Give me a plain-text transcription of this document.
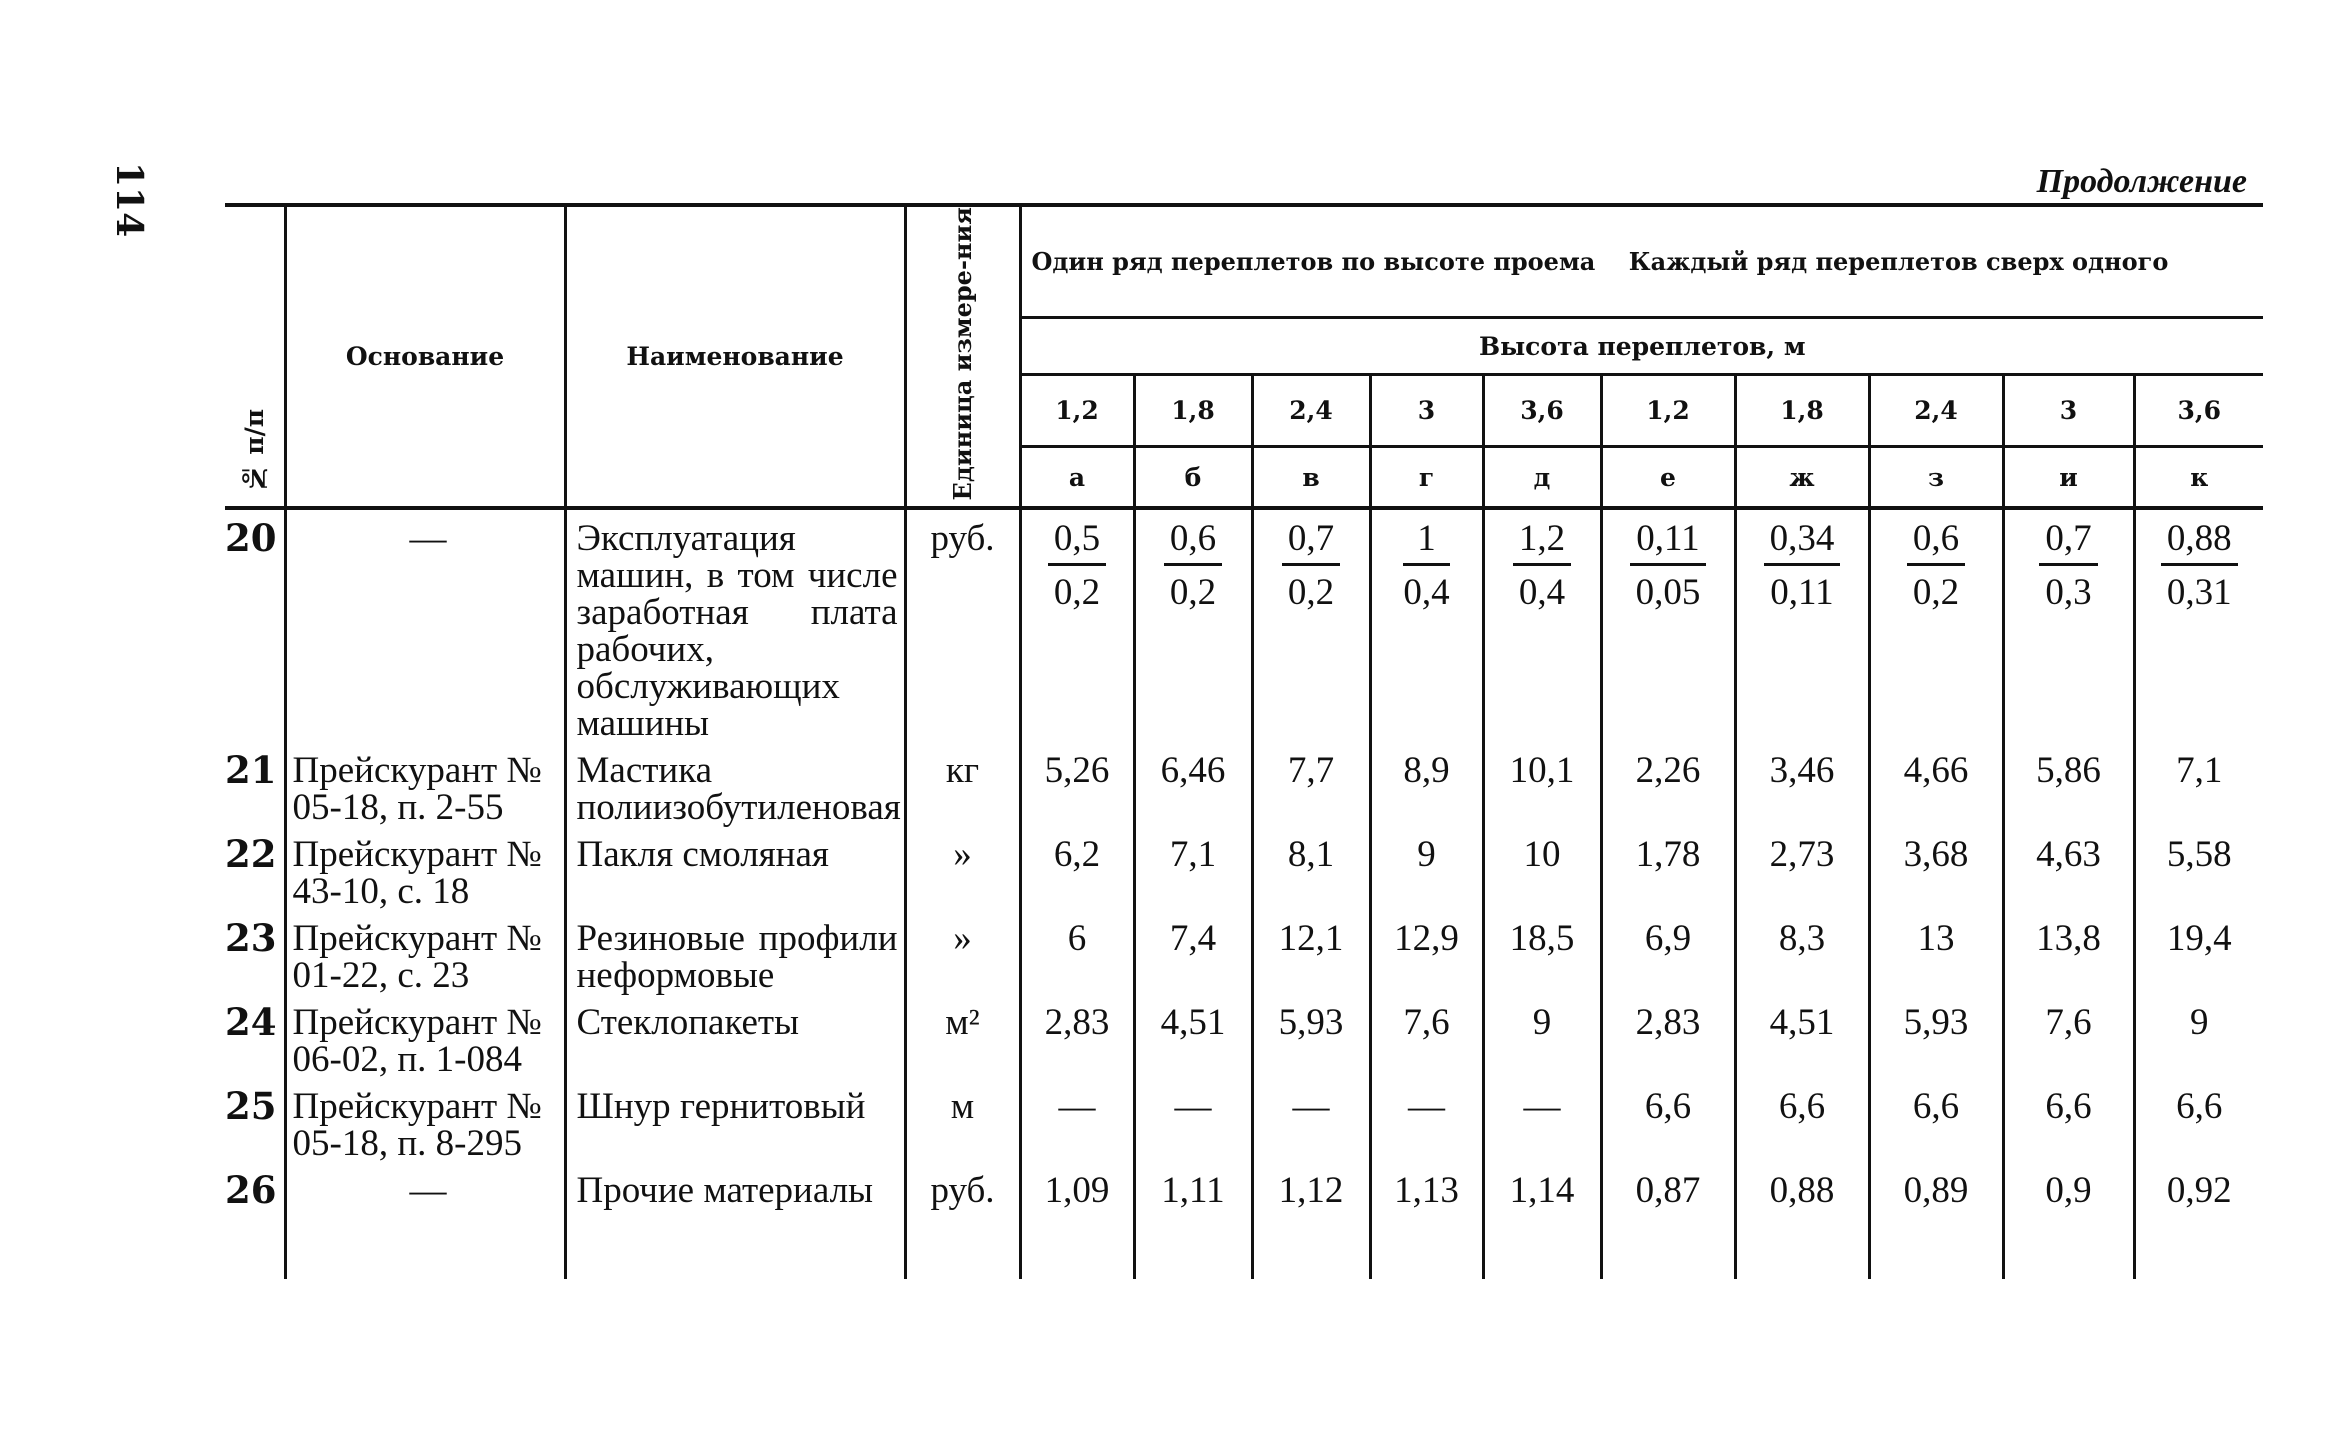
114	Продолжение
№ п/п	Основание	Наименование	Единица измере-ния	Один ряд переплетов по высоте проема Каждый ряд переплетов сверх одного									
				Высота переплетов, м									
				1,2	1,8	2,4	3	3,6	1,2	1,8	2,4	3	3,6
				а	б	в	г	д	е	ж	з	и	к
20	—	Эксплуатация машин, в том числе заработная плата рабочих, обслуживающих машины	руб.	$\frac{0,5}{0,2}$	$\frac{0,6}{0,2}$	$\frac{0,7}{0,2}$	$\frac{1}{0,4}$	$\frac{1,2}{0,4}$	$\frac{0,11}{0,05}$	$\frac{0,34}{0,11}$	$\frac{0,6}{0,2}$	$\frac{0,7}{0,3}$	$\frac{0,88}{0,31}$

21	Прейскурант № 05-18, п. 2-55	Мастика полиизобутиленовая	кг	5,26	6,46	7,7	8,9	10,1	2,26	3,46	4,66	5,86	7,1
22	Прейскурант № 43-10, с. 18	Пакля смоляная	»	6,2	7,1	8,1	9	10	1,78	2,73	3,68	4,63	5,58
23	Прейскурант № 01-22, с. 23	Резиновые профили неформовые	»	6	7,4	12,1	12,9	18,5	6,9	8,3	13	13,8	19,4
24	Прейскурант № 06-02, п. 1-084	Стеклопакеты	м²	2,83	4,51	5,93	7,6	9	2,83	4,51	5,93	7,6	9
25	Прейскурант № 05-18, п. 8-295	Шнур гернитовый	м	—	—	—	—	—	6,6	6,6	6,6	6,6	6,6
26	—	Прочие материалы	руб.	1,09	1,11	1,12	1,13	1,14	0,87	0,88	0,89	0,9	0,92
